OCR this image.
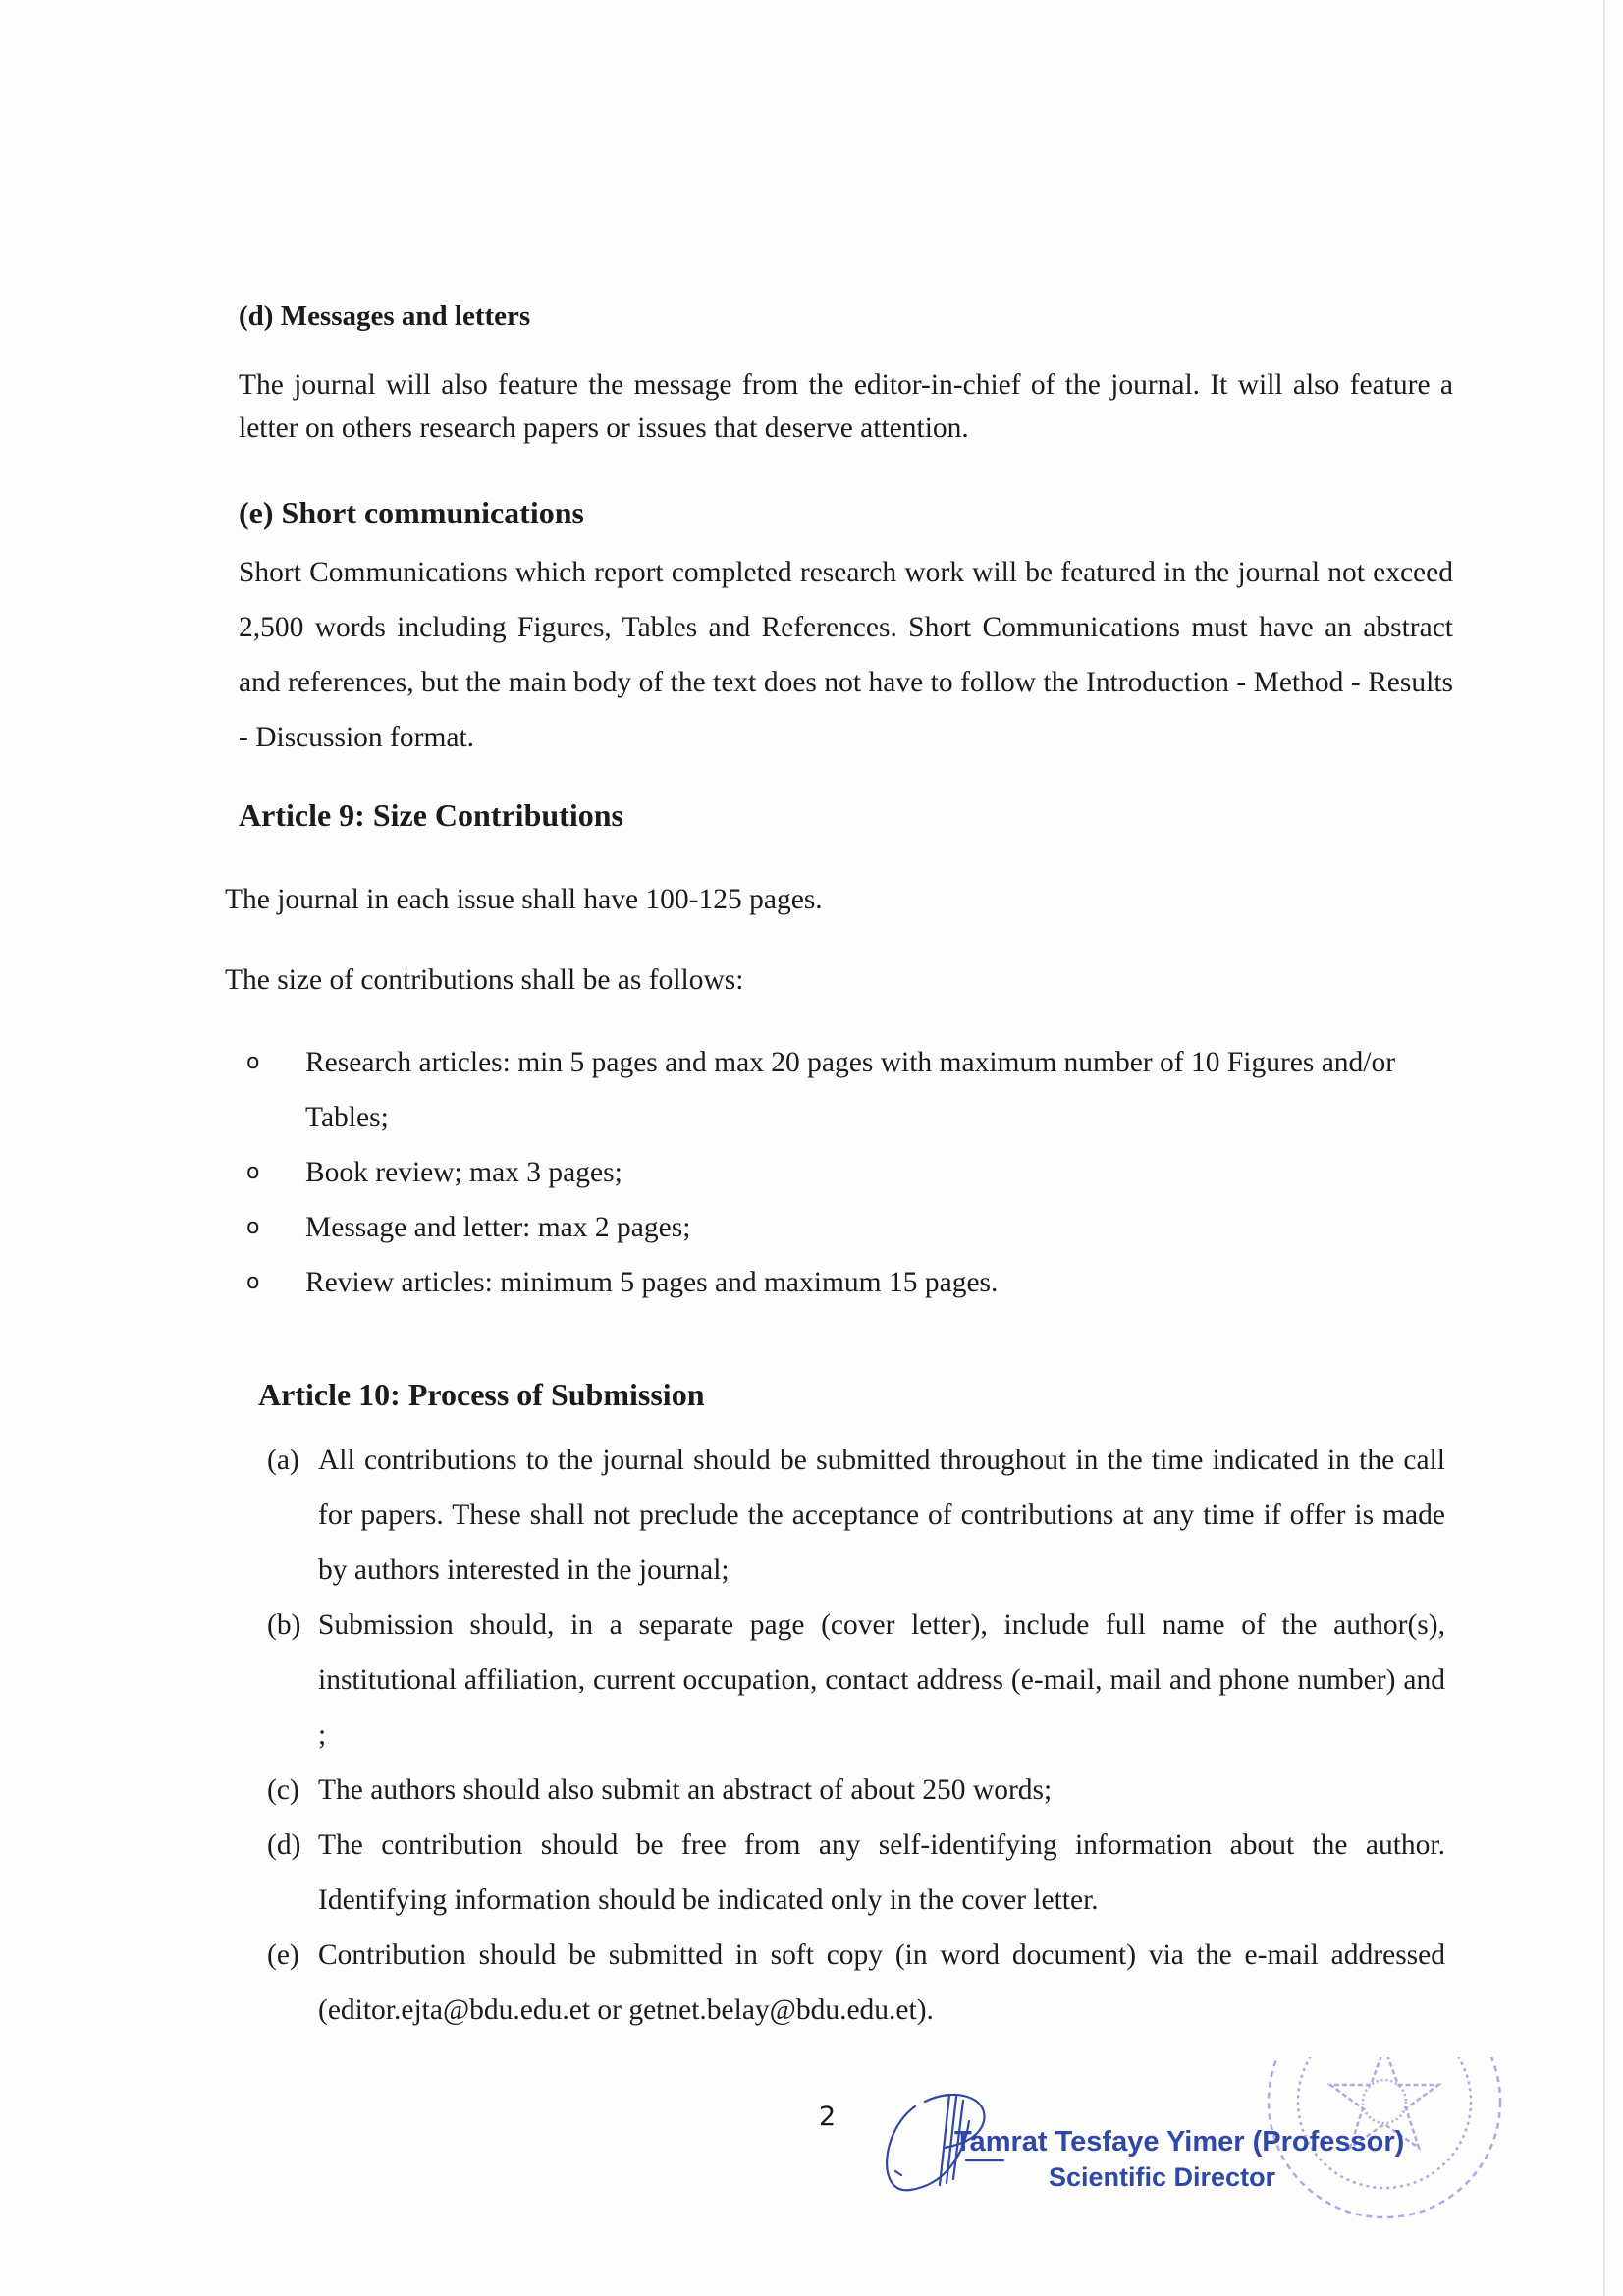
(d) Messages and letters

The journal will also feature the message from the editor-in-chief of the journal. It will also feature a letter on others research papers or issues that deserve attention.

(e) Short communications

Short Communications which report completed research work will be featured in the journal not exceed 2,500 words including Figures, Tables and References. Short Communications must have an abstract and references, but the main body of the text does not have to follow the Introduction - Method - Results - Discussion format.

Article 9: Size Contributions

The journal in each issue shall have 100-125 pages.

The size of contributions shall be as follows:

o Research articles: min 5 pages and max 20 pages with maximum number of 10 Figures and/or Tables;
o Book review; max 3 pages;
o Message and letter: max 2 pages;
o Review articles: minimum 5 pages and maximum 15 pages.
Article 10: Process of Submission
(a) All contributions to the journal should be submitted throughout in the time indicated in the call for papers. These shall not preclude the acceptance of contributions at any time if offer is made by authors interested in the journal;
(b) Submission should, in a separate page (cover letter), include full name of the author(s), institutional affiliation, current occupation, contact address (e-mail, mail and phone number) and ;
(c) The authors should also submit an abstract of about 250 words;
(d) The contribution should be free from any self-identifying information about the author. Identifying information should be indicated only in the cover letter.
(e) Contribution should be submitted in soft copy (in word document) via the e-mail addressed (editor.ejta@bdu.edu.et or getnet.belay@bdu.edu.et).
2
Tamrat Tesfaye Yimer (Professor)
Scientific Director
